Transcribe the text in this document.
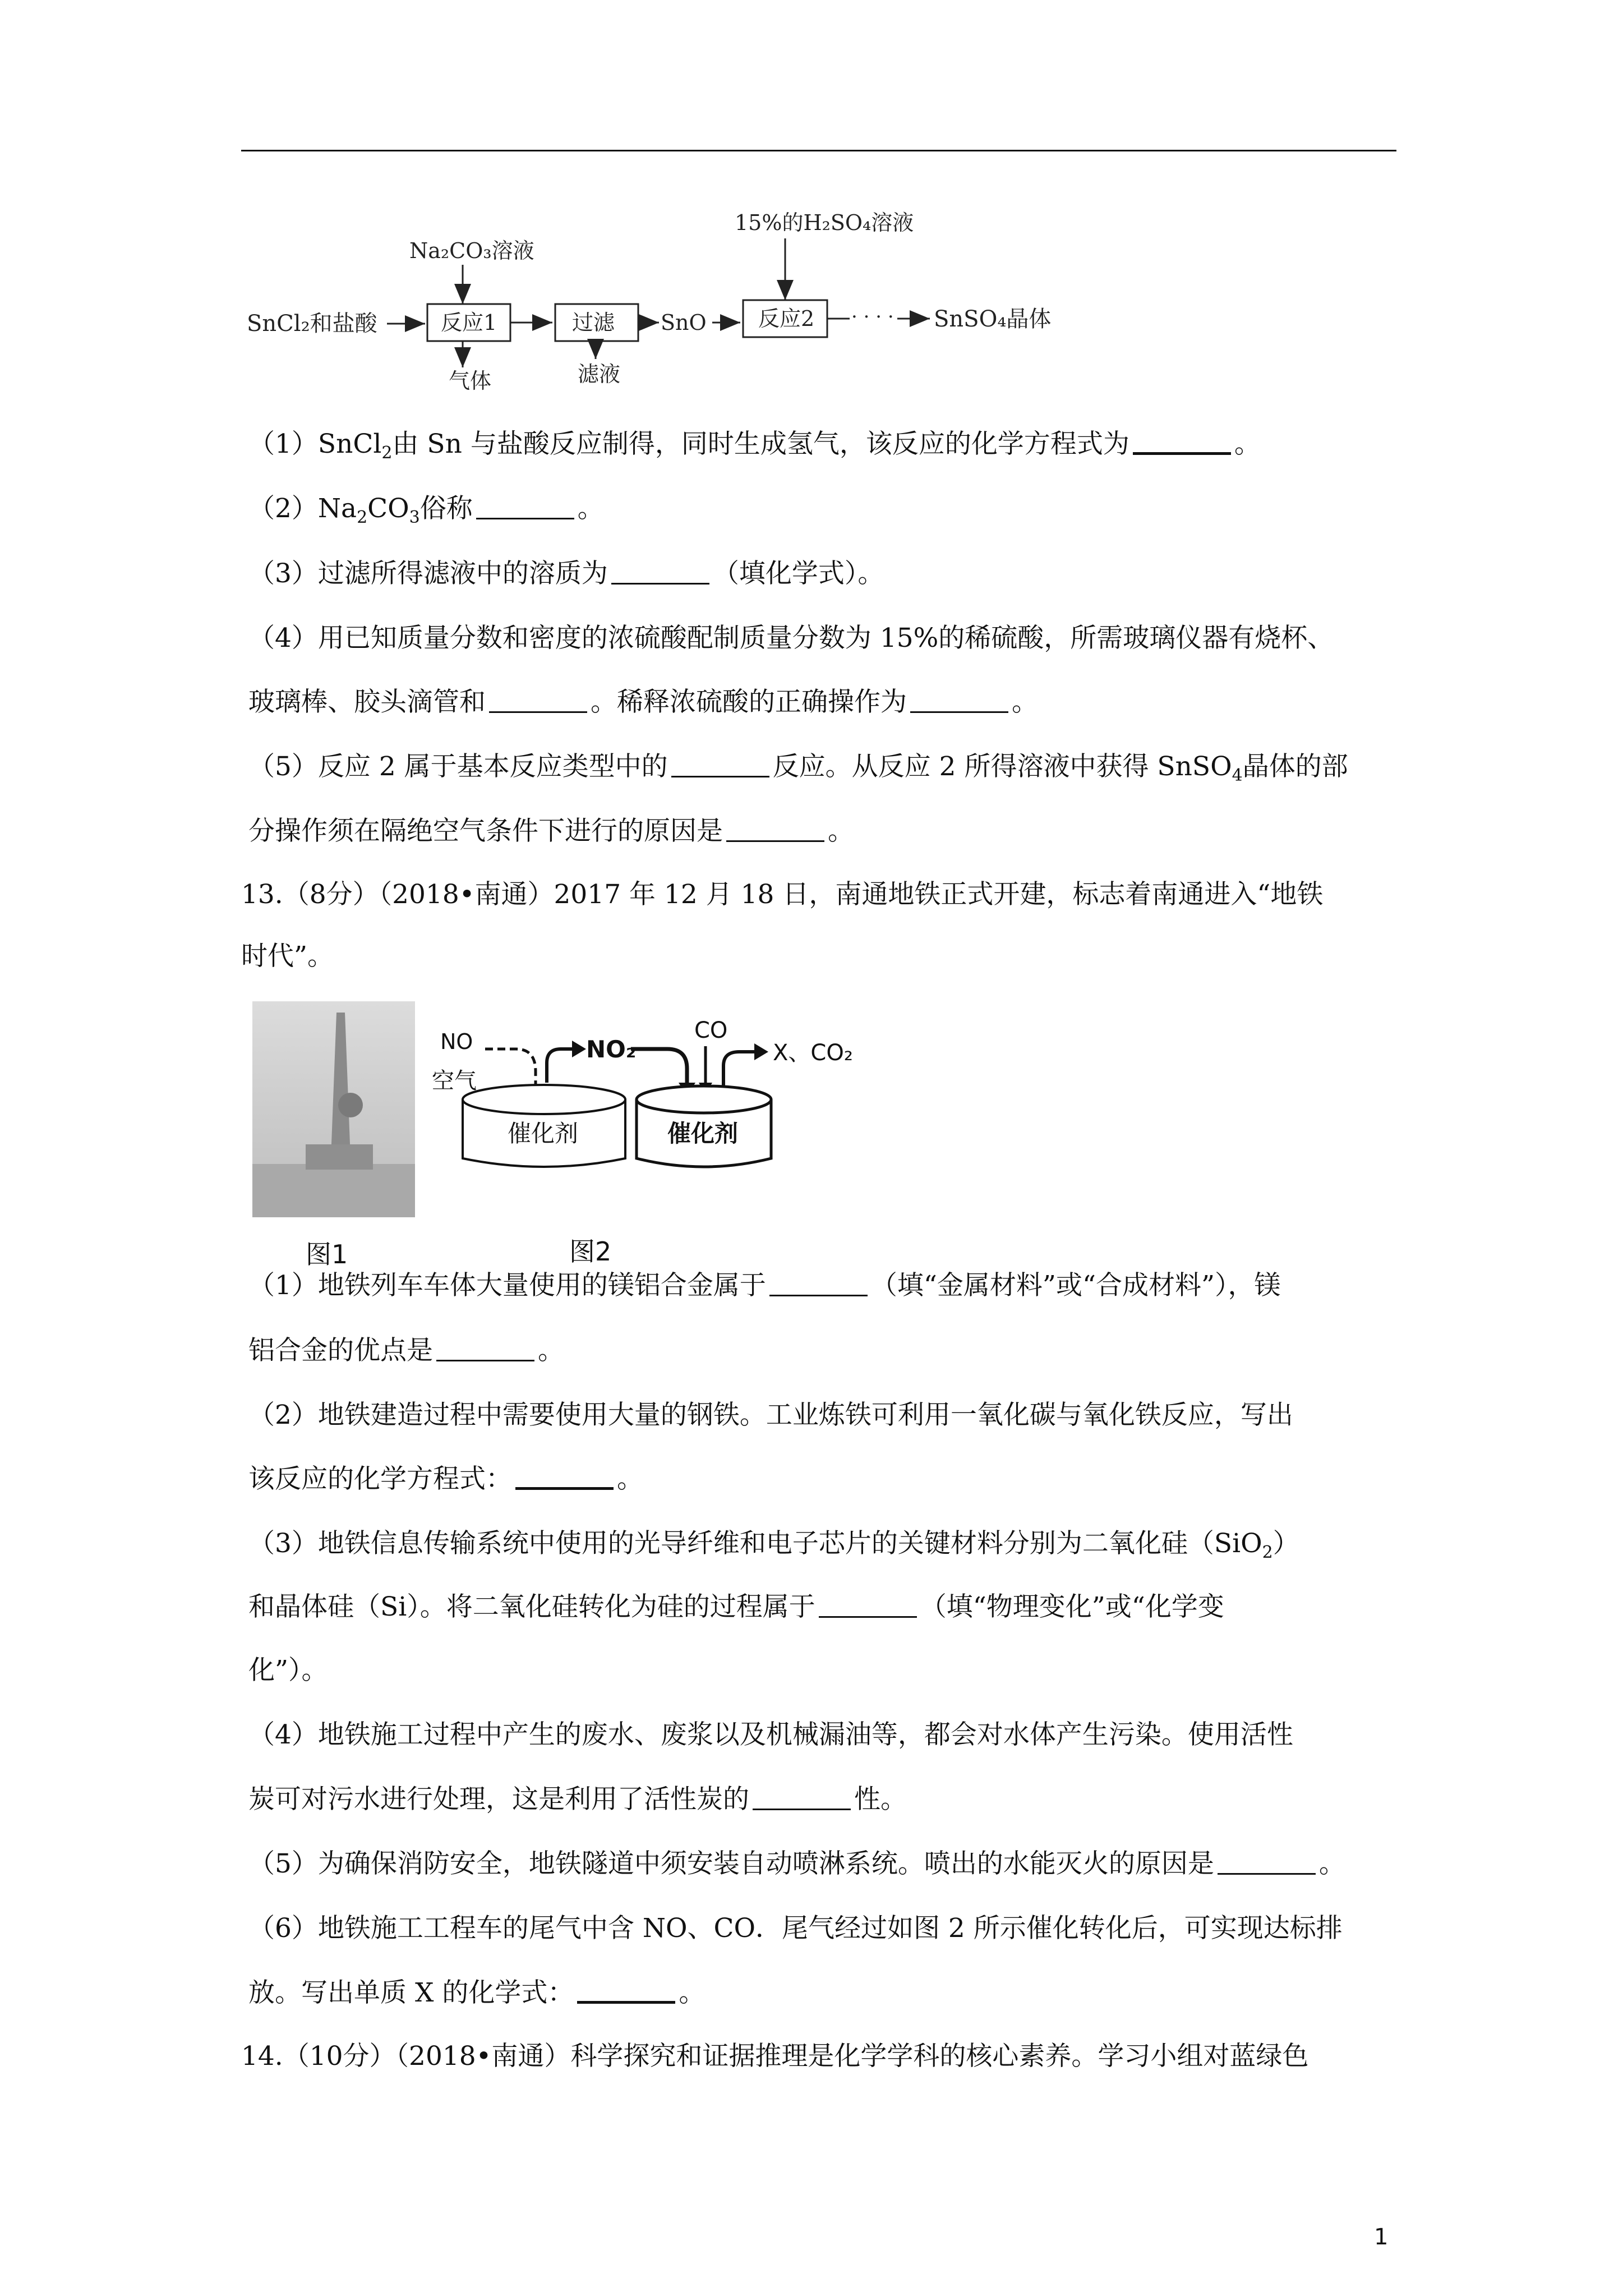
SnCl₂和盐酸
Na₂CO₃溶液
反应1
气体
过滤
滤液
SnO
15%的H₂SO₄溶液
反应2 · · · · SnSO₄晶体
（1）SnCl$_2$由 Sn 与盐酸反应制得，同时生成氢气，该反应的化学方程式为	。
$(2)Na_2CO_3$俗称	。
（3）过滤所得滤液中的溶质为	（填化学式）。
（4）用已知质量分数和密度的浓硫酸配制质量分数为 15%的稀硫酸，所需玻璃仪器有烧杯、
玻璃棒、胶头滴管和	。稀释浓硫酸的正确操作为	。
（5）反应 2 属于基本反应类型中的	反应。从反应 2 所得溶液中获得 SnSO$_4$晶体的部
分操作须在隔绝空气条件下进行的原因是	。
13.（8分）（2018•南通）2017 年 12 月 18 日，南通地铁正式开建，标志着南通进入“地铁
时代”。
图1
NO
空气
NO₂
催化剂
CO
X、CO₂
催化剂
图2
（1）地铁列车车体大量使用的镁铝合金属于	（填“金属材料”或“合成材料”），镁
铝合金的优点是	。
（2）地铁建造过程中需要使用大量的钢铁。工业炼铁可利用一氧化碳与氧化铁反应，写出
该反应的化学方程式：	。
（3）地铁信息传输系统中使用的光导纤维和电子芯片的关键材料分别为二氧化硅（SiO$_2$）
和晶体硅（Si）。将二氧化硅转化为硅的过程属于	（填“物理变化”或“化学变
化”）。
（4）地铁施工过程中产生的废水、废浆以及机械漏油等，都会对水体产生污染。使用活性
炭可对污水进行处理，这是利用了活性炭的	性。
（5）为确保消防安全，地铁隧道中须安装自动喷淋系统。喷出的水能灭火的原因是	。
（6）地铁施工工程车的尾气中含 NO、CO．尾气经过如图 2 所示催化转化后，可实现达标排
放。写出单质 X 的化学式：	。
14.（10分）（2018•南通）科学探究和证据推理是化学学科的核心素养。学习小组对蓝绿色
1
